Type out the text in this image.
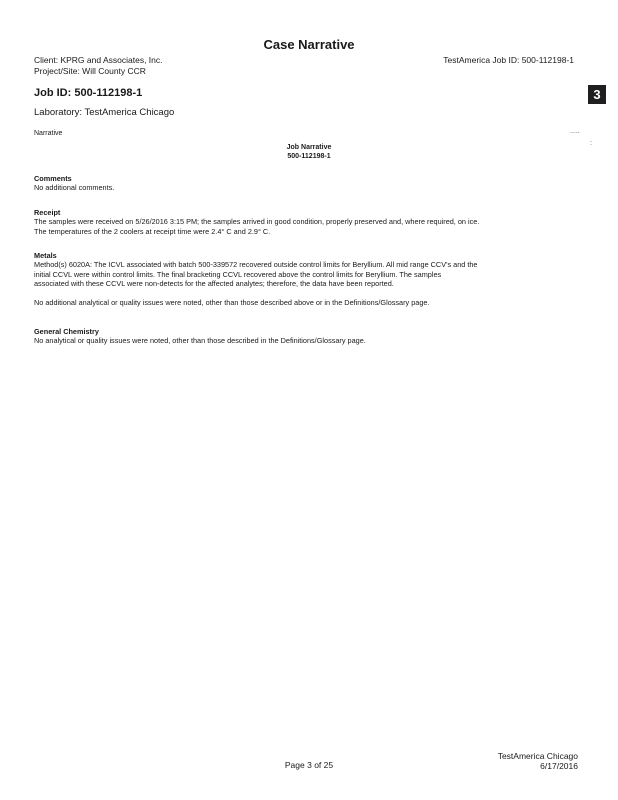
Case Narrative
Client: KPRG and Associates, Inc.
Project/Site: Will County CCR
TestAmerica Job ID: 500-112198-1
3
.....
:
Job ID: 500-112198-1
Laboratory: TestAmerica Chicago
Narrative
Job Narrative
500-112198-1
Comments
No additional comments.
Receipt
The samples were received on 5/26/2016 3:15 PM; the samples arrived in good condition, properly preserved and, where required, on ice.
The temperatures of the 2 coolers at receipt time were 2.4° C and 2.9° C.
Metals
Method(s) 6020A: The ICVL associated with batch 500-339572 recovered outside control limits for Beryllium. All mid range CCV's and the
initial CCVL were within control limits. The final bracketing CCVL recovered above the control limits for Beryllium. The samples
associated with these CCVL were non-detects for the affected analytes; therefore, the data have been reported.
No additional analytical or quality issues were noted, other than those described above or in the Definitions/Glossary page.
General Chemistry
No analytical or quality issues were noted, other than those described in the Definitions/Glossary page.
Page 3 of 25
TestAmerica Chicago
6/17/2016
